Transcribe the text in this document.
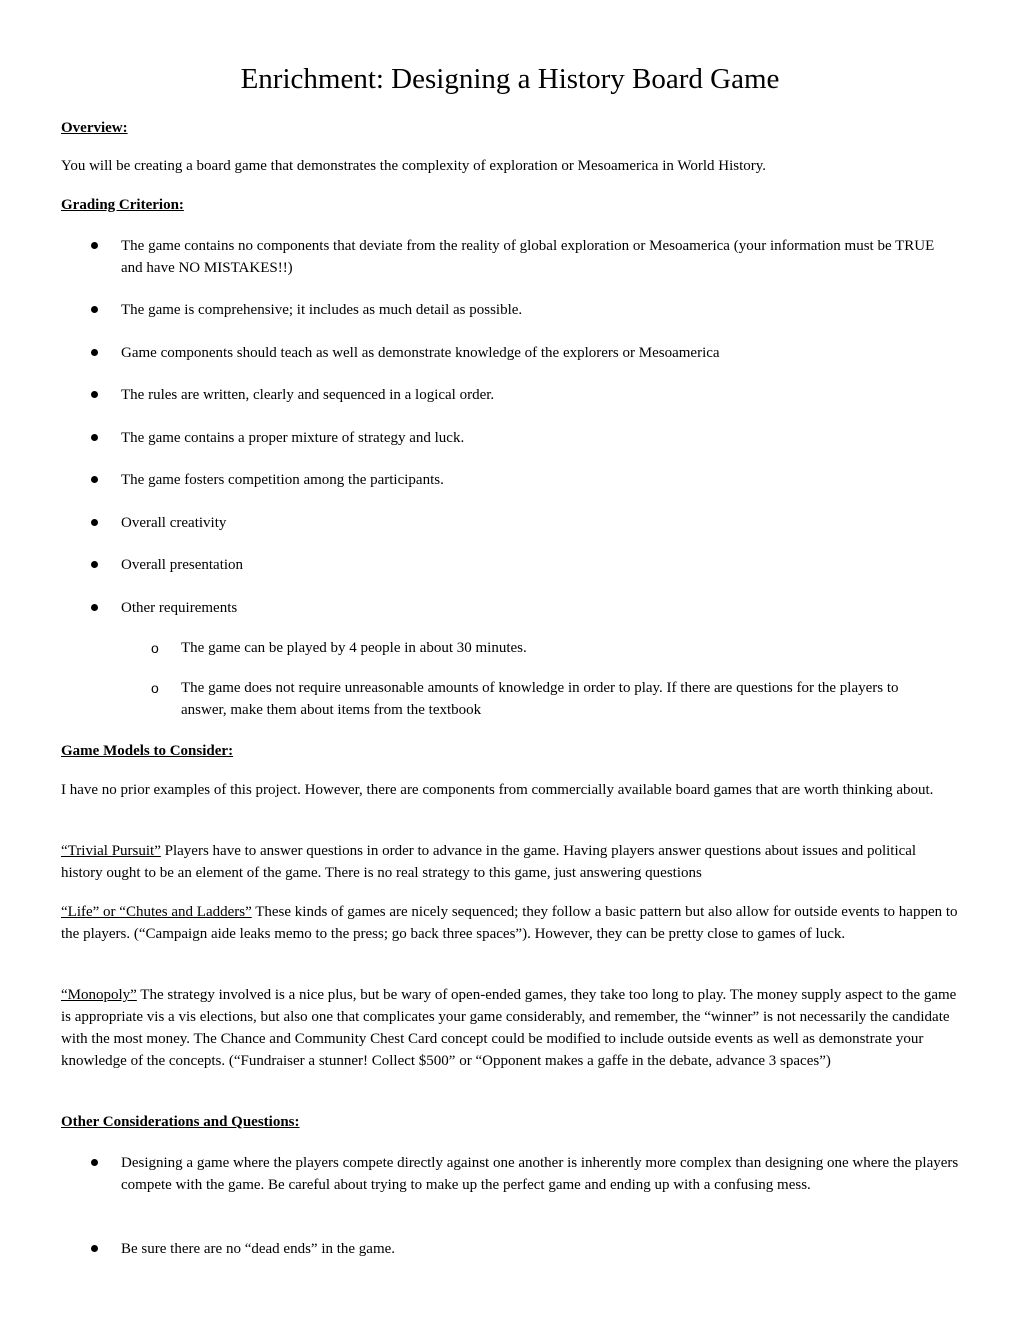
Enrichment: Designing a History Board Game

Overview:

You will be creating a board game that demonstrates the complexity of exploration or Mesoamerica in World History.

Grading Criterion:

The game contains no components that deviate from the reality of global exploration or Mesoamerica (your information must be TRUE and have NO MISTAKES!!)
The game is comprehensive; it includes as much detail as possible.
Game components should teach as well as demonstrate knowledge of the explorers or Mesoamerica
The rules are written, clearly and sequenced in a logical order.
The game contains a proper mixture of strategy and luck.
The game fosters competition among the participants.
Overall creativity
Overall presentation
Other requirements
o The game can be played by 4 people in about 30 minutes.
o The game does not require unreasonable amounts of knowledge in order to play. If there are questions for the players to answer, make them about items from the textbook

Game Models to Consider:

I have no prior examples of this project. However, there are components from commercially available board games that are worth thinking about.

“Trivial Pursuit” Players have to answer questions in order to advance in the game. Having players answer questions about issues and political history ought to be an element of the game. There is no real strategy to this game, just answering questions

“Life” or “Chutes and Ladders” These kinds of games are nicely sequenced; they follow a basic pattern but also allow for outside events to happen to the players. (“Campaign aide leaks memo to the press; go back three spaces”). However, they can be pretty close to games of luck.

“Monopoly” The strategy involved is a nice plus, but be wary of open-ended games, they take too long to play. The money supply aspect to the game is appropriate vis a vis elections, but also one that complicates your game considerably, and remember, the “winner” is not necessarily the candidate with the most money. The Chance and Community Chest Card concept could be modified to include outside events as well as demonstrate your knowledge of the concepts. (“Fundraiser a stunner! Collect $500” or “Opponent makes a gaffe in the debate, advance 3 spaces”)

Other Considerations and Questions:

Designing a game where the players compete directly against one another is inherently more complex than designing one where the players compete with the game. Be careful about trying to make up the perfect game and ending up with a confusing mess.
Be sure there are no “dead ends” in the game.
